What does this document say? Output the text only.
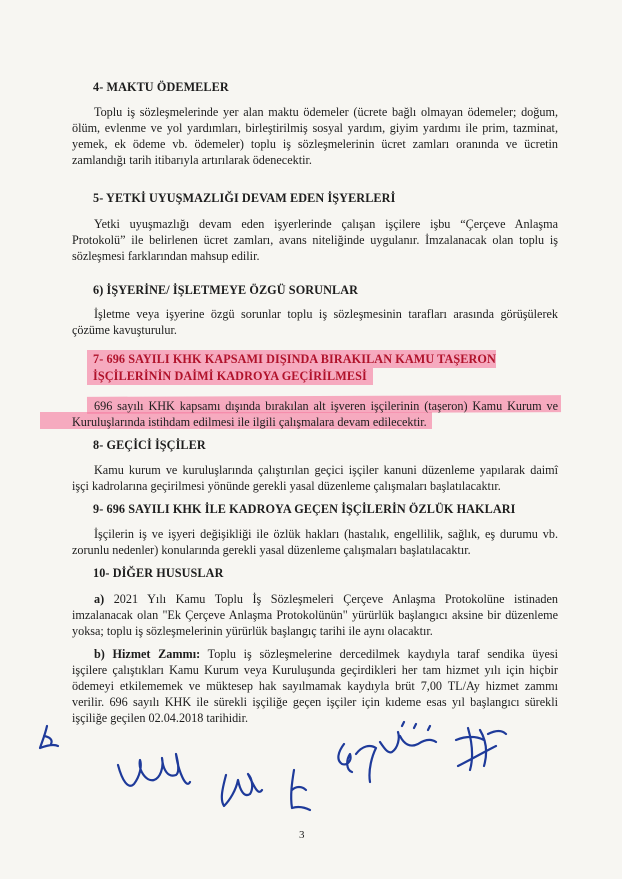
4- MAKTU ÖDEMELER
Toplu iş sözleşmelerinde yer alan maktu ödemeler (ücrete bağlı olmayan ödemeler; doğum,
ölüm, evlenme ve yol yardımları, birleştirilmiş sosyal yardım, giyim yardımı ile prim, tazminat,
yemek, ek ödeme vb. ödemeler) toplu iş sözleşmelerinin ücret zamları oranında ve ücretin
zamlandığı tarih itibarıyla artırılarak ödenecektir.
5- YETKİ UYUŞMAZLIĞI DEVAM EDEN İŞYERLERİ
Yetki uyuşmazlığı devam eden işyerlerinde çalışan işçilere işbu “Çerçeve Anlaşma
Protokolü” ile belirlenen ücret zamları, avans niteliğinde uygulanır. İmzalanacak olan toplu iş
sözleşmesi farklarından mahsup edilir.
6) İŞYERİNE/ İŞLETMEYE ÖZGÜ SORUNLAR
İşletme veya işyerine özgü sorunlar toplu iş sözleşmesinin tarafları arasında görüşülerek
çözüme kavuşturulur.
7- 696 SAYILI KHK KAPSAMI DIŞINDA BIRAKILAN KAMU TAŞERON
İŞÇİLERİNİN DAİMİ KADROYA GEÇİRİLMESİ
696 sayılı KHK kapsamı dışında bırakılan alt işveren işçilerinin (taşeron) Kamu Kurum ve
Kuruluşlarında istihdam edilmesi ile ilgili çalışmalara devam edilecektir.
8- GEÇİCİ İŞÇİLER
Kamu kurum ve kuruluşlarında çalıştırılan geçici işçiler kanuni düzenleme yapılarak daimî
işçi kadrolarına geçirilmesi yönünde gerekli yasal düzenleme çalışmaları başlatılacaktır.
9- 696 SAYILI KHK İLE KADROYA GEÇEN İŞÇİLERİN ÖZLÜK HAKLARI
İşçilerin iş ve işyeri değişikliği ile özlük hakları (hastalık, engellilik, sağlık, eş durumu vb.
zorunlu nedenler) konularında gerekli yasal düzenleme çalışmaları başlatılacaktır.
10- DİĞER HUSUSLAR
a) 2021 Yılı Kamu Toplu İş Sözleşmeleri Çerçeve Anlaşma Protokolüne istinaden
imzalanacak olan "Ek Çerçeve Anlaşma Protokolünün" yürürlük başlangıcı aksine bir düzenleme
yoksa; toplu iş sözleşmelerinin yürürlük başlangıç tarihi ile aynı olacaktır.
b) Hizmet Zammı: Toplu iş sözleşmelerine dercedilmek kaydıyla taraf sendika üyesi
işçilere çalıştıkları Kamu Kurum veya Kuruluşunda geçirdikleri her tam hizmet yılı için hiçbir
ödemeyi etkilememek ve müktesep hak sayılmamak kaydıyla brüt 7,00 TL/Ay hizmet zammı
verilir. 696 sayılı KHK ile sürekli işçiliğe geçen işçiler için kıdeme esas yıl başlangıcı sürekli
işçiliğe geçilen 02.04.2018 tarihidir.
3
